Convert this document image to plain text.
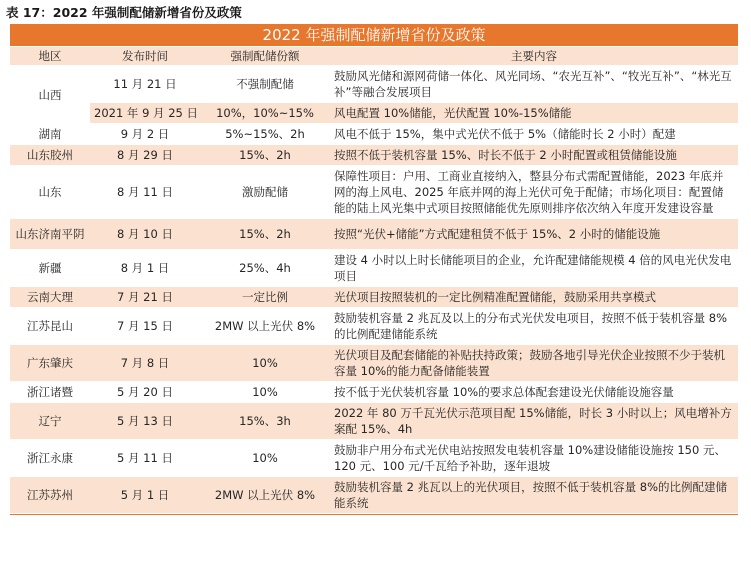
表 17：2022 年强制配储新增省份及政策
2022 年强制配储新增省份及政策			
地区	发布时间	强制配储份额	主要内容
山西	11 月 21 日	不强制配储	鼓励风光储和源网荷储一体化、风光同场、“农光互补”、“牧光互补”、“林光互补”等融合发展项目
	2021 年 9 月 25 日	10%，10%~15%	风电配置 10%储能，光伏配置 10%-15%储能
湖南	9 月 2 日	5%~15%、2h	风电不低于 15%，集中式光伏不低于 5%（储能时长 2 小时）配建
山东胶州	8 月 29 日	15%、2h	按照不低于装机容量 15%、时长不低于 2 小时配置或租赁储能设施
山东	8 月 11 日	激励配储	保障性项目：户用、工商业直接纳入，整县分布式需配置储能，2023 年底并网的海上风电、2025 年底并网的海上光伏可免于配储；市场化项目：配置储能的陆上风光集中式项目按照储能优先原则排序依次纳入年度开发建设容量
山东济南平阴	8 月 10 日	15%、2h	按照“光伏+储能”方式配建租赁不低于 15%、2 小时的储能设施
新疆	8 月 1 日	25%、4h	建设 4 小时以上时长储能项目的企业，允许配建储能规模 4 倍的风电光伏发电项目
云南大理	7 月 21 日	一定比例	光伏项目按照装机的一定比例精准配置储能，鼓励采用共享模式
江苏昆山	7 月 15 日	2MW 以上光伏 8%	鼓励装机容量 2 兆瓦及以上的分布式光伏发电项目，按照不低于装机容量 8%的比例配建储能系统
广东肇庆	7 月 8 日	10%	光伏项目及配套储能的补贴扶持政策；鼓励各地引导光伏企业按照不少于装机容量 10%的能力配备储能装置
浙江诸暨	5 月 20 日	10%	按不低于光伏装机容量 10%的要求总体配套建设光伏储能设施容量
辽宁	5 月 13 日	15%、3h	2022 年 80 万千瓦光伏示范项目配 15%储能，时长 3 小时以上；风电增补方案配 15%、4h
浙江永康	5 月 11 日	10%	鼓励非户用分布式光伏电站按照发电装机容量 10%建设储能设施按 150 元、120 元、100 元/千瓦给予补助，逐年退坡
江苏苏州	5 月 1 日	2MW 以上光伏 8%	鼓励装机容量 2 兆瓦以上的光伏项目，按照不低于装机容量 8%的比例配建储能系统
